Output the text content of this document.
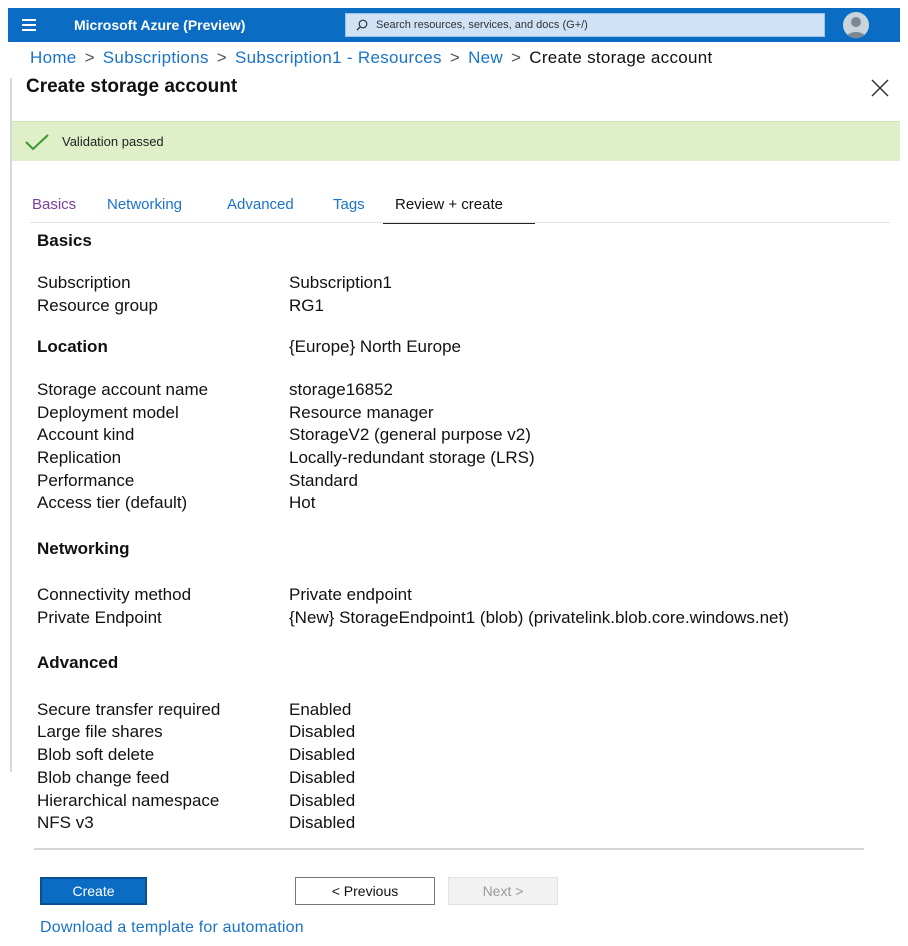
Microsoft Azure (Preview)
Search resources, services, and docs (G+/)
Home > Subscriptions > Subscription1 - Resources > New > Create storage account
Create storage account
Validation passed
Basics Networking	Advanced	Tags	Review + create
Basics
Subscription	Subscription1
Resource group	RG1
Location	{Europe} North Europe
Storage account name	storage16852
Deployment model	Resource manager
Account kind	StorageV2 (general purpose v2)
Replication	Locally-redundant storage (LRS)
Performance	Standard
Access tier (default)	Hot
Networking
Connectivity method	Private endpoint
Private Endpoint	{New} StorageEndpoint1 (blob) (privatelink.blob.core.windows.net)
Advanced
Secure transfer required	Enabled
Large file shares	Disabled
Blob soft delete	Disabled
Blob change feed	Disabled
Hierarchical namespace	Disabled
NFS v3	Disabled
Create	< Previous	Next >
Download a template for automation
